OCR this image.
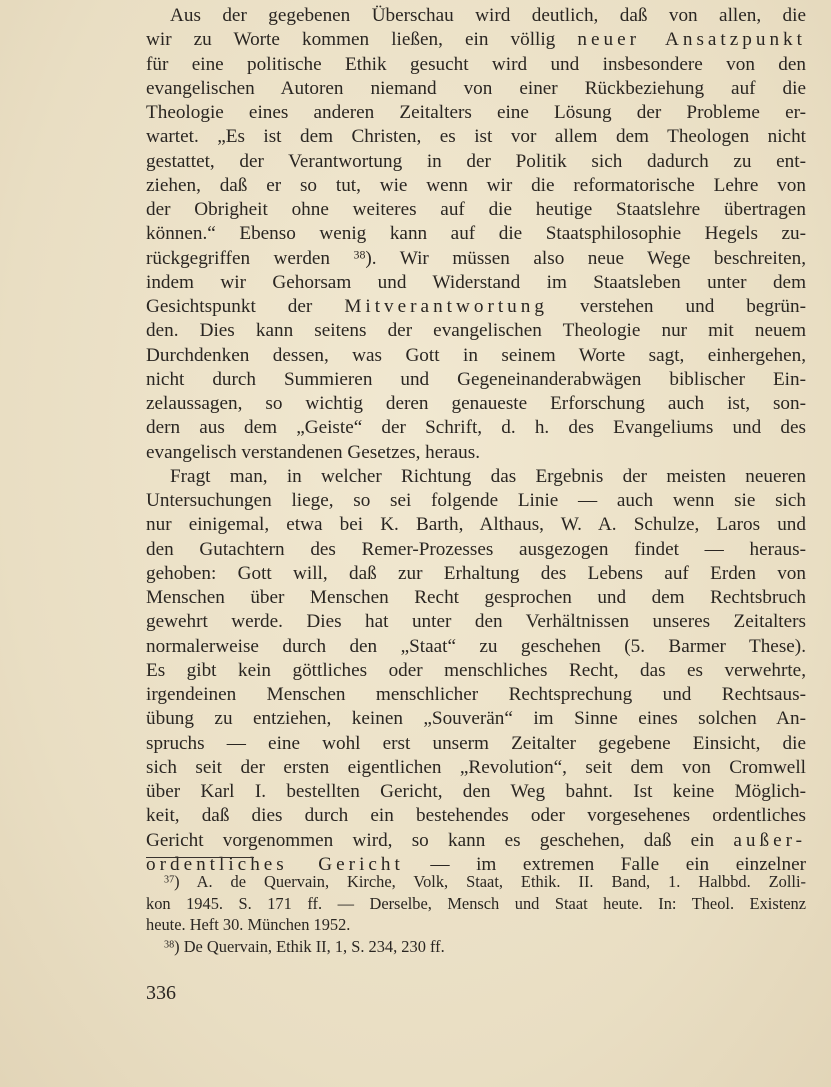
Aus der gegebenen Überschau wird deutlich, daß von allen, die
wir zu Worte kommen ließen, ein völlig neuer Ansatzpunkt
für eine politische Ethik gesucht wird und insbesondere von den
evangelischen Autoren niemand von einer Rückbeziehung auf die
Theologie eines anderen Zeitalters eine Lösung der Probleme er-
wartet. „Es ist dem Christen, es ist vor allem dem Theologen nicht
gestattet, der Verantwortung in der Politik sich dadurch zu ent-
ziehen, daß er so tut, wie wenn wir die reformatorische Lehre von
der Obrigheit ohne weiteres auf die heutige Staatslehre übertragen
können.“ Ebenso wenig kann auf die Staatsphilosophie Hegels zu-
rückgegriffen werden $^{38}$). Wir müssen also neue Wege beschreiten,
indem wir Gehorsam und Widerstand im Staatsleben unter dem
Gesichtspunkt der Mitverantwortung verstehen und begrün-
den. Dies kann seitens der evangelischen Theologie nur mit neuem
Durchdenken dessen, was Gott in seinem Worte sagt, einhergehen,
nicht durch Summieren und Gegeneinanderabwägen biblischer Ein-
zelaussagen, so wichtig deren genaueste Erforschung auch ist, son-
dern aus dem „Geiste“ der Schrift, d. h. des Evangeliums und des
evangelisch verstandenen Gesetzes, heraus.
Fragt man, in welcher Richtung das Ergebnis der meisten neueren
Untersuchungen liege, so sei folgende Linie — auch wenn sie sich
nur einigemal, etwa bei K. Barth, Althaus, W. A. Schulze, Laros und
den Gutachtern des Remer-Prozesses ausgezogen findet — heraus-
gehoben: Gott will, daß zur Erhaltung des Lebens auf Erden von
Menschen über Menschen Recht gesprochen und dem Rechtsbruch
gewehrt werde. Dies hat unter den Verhältnissen unseres Zeitalters
normalerweise durch den „Staat“ zu geschehen (5. Barmer These).
Es gibt kein göttliches oder menschliches Recht, das es verwehrte,
irgendeinen Menschen menschlicher Rechtsprechung und Rechtsaus-
übung zu entziehen, keinen „Souverän“ im Sinne eines solchen An-
spruchs — eine wohl erst unserm Zeitalter gegebene Einsicht, die
sich seit der ersten eigentlichen „Revolution“, seit dem von Cromwell
über Karl I. bestellten Gericht, den Weg bahnt. Ist keine Möglich-
keit, daß dies durch ein bestehendes oder vorgesehenes ordentliches
Gericht vorgenommen wird, so kann es geschehen, daß ein außer-
ordentliches Gericht — im extremen Falle ein einzelner
$^{37}$) A. de Quervain, Kirche, Volk, Staat, Ethik. II. Band, 1. Halbbd. Zolli-
kon 1945. S. 171 ff. — Derselbe, Mensch und Staat heute. In: Theol. Existenz
heute. Heft 30. München 1952.
$^{38}$) De Quervain, Ethik II, 1, S. 234, 230 ff.
336
